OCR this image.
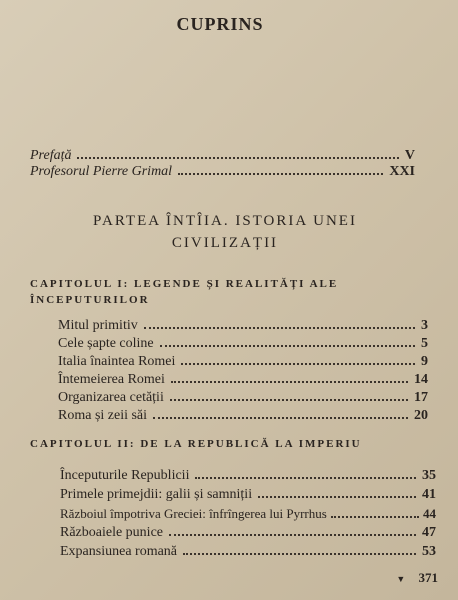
CUPRINS
Prefață	V
Profesorul Pierre Grimal	XXI
PARTEA ÎNTÎIA. ISTORIA UNEI
CIVILIZAȚII
CAPITOLUL I: LEGENDE ȘI REALITĂȚI ALE
ÎNCEPUTURILOR
Mitul primitiv	3
Cele șapte coline	5
Italia înaintea Romei	9
Întemeierea Romei	14
Organizarea cetății	17
Roma și zeii săi	20
CAPITOLUL II: DE LA REPUBLICĂ LA IMPERIU
Începuturile Republicii	35
Primele primejdii: galii și samniții	41
Războiul împotriva Greciei: înfrîngerea lui Pyrrhus	44
Războaiele punice	47
Expansiunea romană	53
▼ 371
